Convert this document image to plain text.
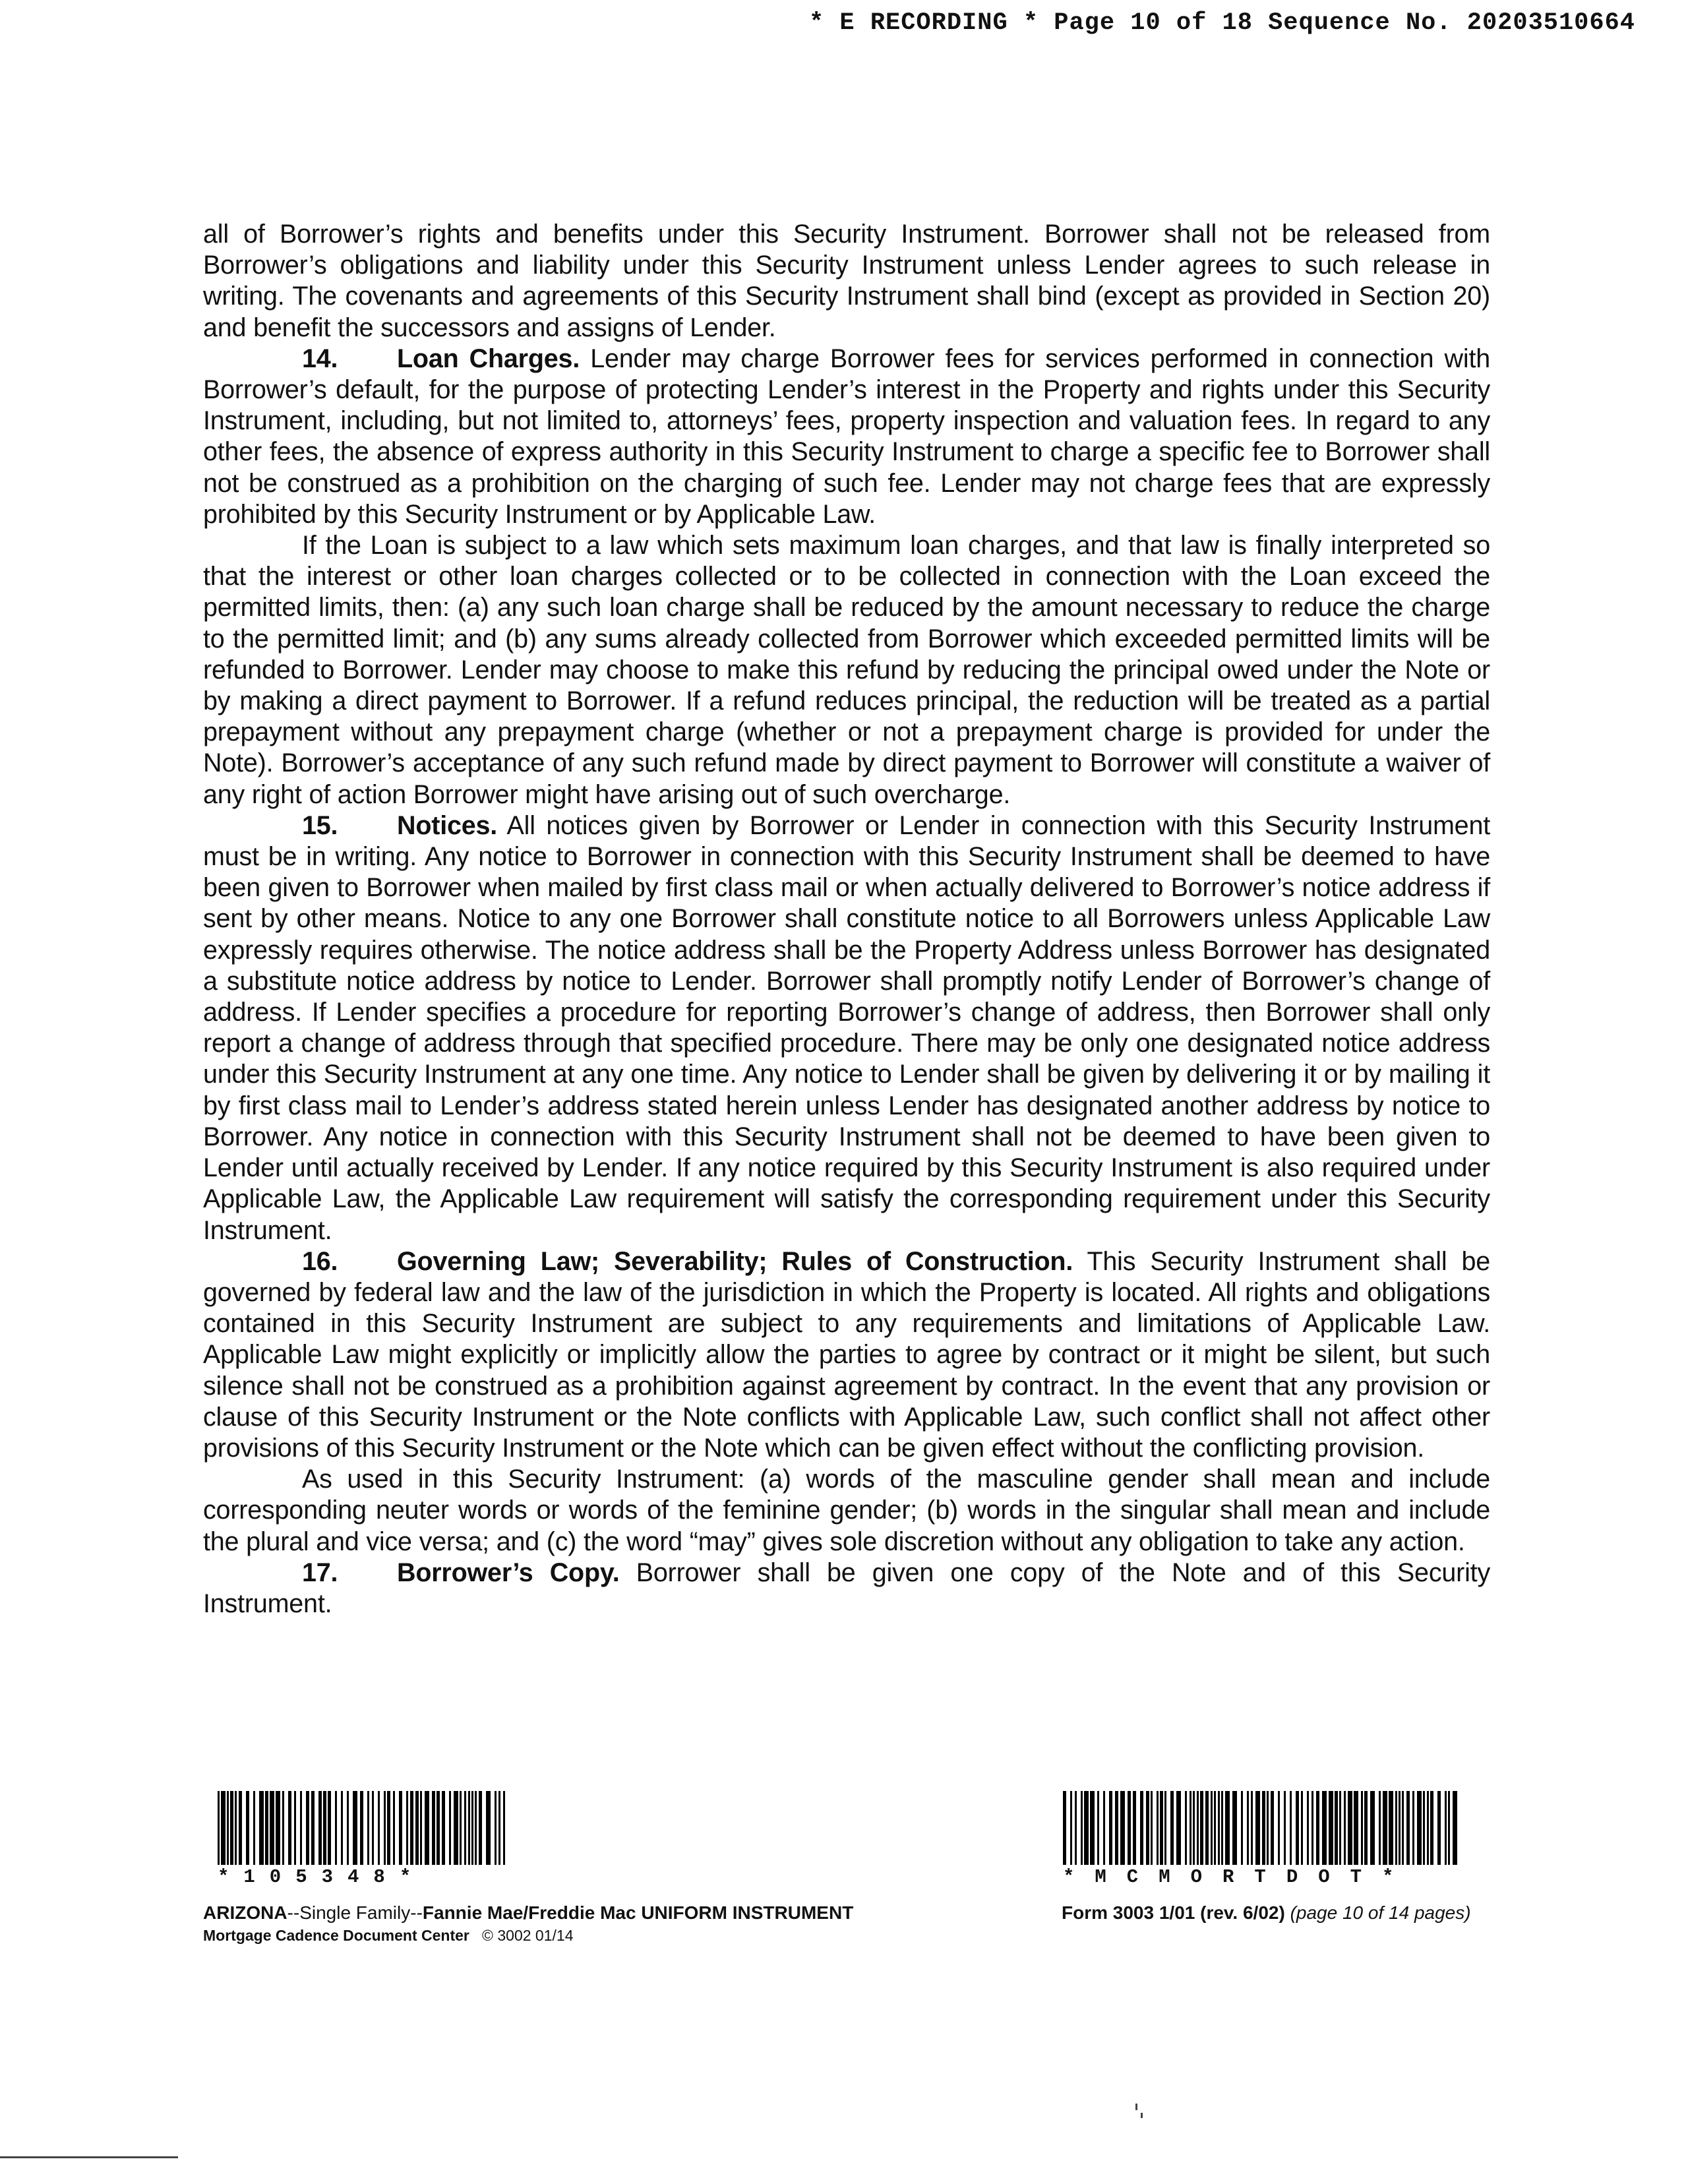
* E RECORDING * Page 10 of 18 Sequence No. 20203510664

all of Borrower’s rights and benefits under this Security Instrument. Borrower shall not be released from Borrower’s obligations and liability under this Security Instrument unless Lender agrees to such release in writing. The covenants and agreements of this Security Instrument shall bind (except as provided in Section 20) and benefit the successors and assigns of Lender.

14. Loan Charges. Lender may charge Borrower fees for services performed in connection with Borrower’s default, for the purpose of protecting Lender’s interest in the Property and rights under this Security Instrument, including, but not limited to, attorneys’ fees, property inspection and valuation fees. In regard to any other fees, the absence of express authority in this Security Instrument to charge a specific fee to Borrower shall not be construed as a prohibition on the charging of such fee. Lender may not charge fees that are expressly prohibited by this Security Instrument or by Applicable Law.

If the Loan is subject to a law which sets maximum loan charges, and that law is finally interpreted so that the interest or other loan charges collected or to be collected in connection with the Loan exceed the permitted limits, then: (a) any such loan charge shall be reduced by the amount necessary to reduce the charge to the permitted limit; and (b) any sums already collected from Borrower which exceeded permitted limits will be refunded to Borrower. Lender may choose to make this refund by reducing the principal owed under the Note or by making a direct payment to Borrower. If a refund reduces principal, the reduction will be treated as a partial prepayment without any prepayment charge (whether or not a prepayment charge is provided for under the Note). Borrower’s acceptance of any such refund made by direct payment to Borrower will constitute a waiver of any right of action Borrower might have arising out of such overcharge.

15. Notices. All notices given by Borrower or Lender in connection with this Security Instrument must be in writing. Any notice to Borrower in connection with this Security Instrument shall be deemed to have been given to Borrower when mailed by first class mail or when actually delivered to Borrower’s notice address if sent by other means. Notice to any one Borrower shall constitute notice to all Borrowers unless Applicable Law expressly requires otherwise. The notice address shall be the Property Address unless Borrower has designated a substitute notice address by notice to Lender. Borrower shall promptly notify Lender of Borrower’s change of address. If Lender specifies a procedure for reporting Borrower’s change of address, then Borrower shall only report a change of address through that specified procedure. There may be only one designated notice address under this Security Instrument at any one time. Any notice to Lender shall be given by delivering it or by mailing it by first class mail to Lender’s address stated herein unless Lender has designated another address by notice to Borrower. Any notice in connection with this Security Instrument shall not be deemed to have been given to Lender until actually received by Lender. If any notice required by this Security Instrument is also required under Applicable Law, the Applicable Law requirement will satisfy the corresponding requirement under this Security Instrument.

16. Governing Law; Severability; Rules of Construction. This Security Instrument shall be governed by federal law and the law of the jurisdiction in which the Property is located. All rights and obligations contained in this Security Instrument are subject to any requirements and limitations of Applicable Law. Applicable Law might explicitly or implicitly allow the parties to agree by contract or it might be silent, but such silence shall not be construed as a prohibition against agreement by contract. In the event that any provision or clause of this Security Instrument or the Note conflicts with Applicable Law, such conflict shall not affect other provisions of this Security Instrument or the Note which can be given effect without the conflicting provision.

As used in this Security Instrument: (a) words of the masculine gender shall mean and include corresponding neuter words or words of the feminine gender; (b) words in the singular shall mean and include the plural and vice versa; and (c) the word “may” gives sole discretion without any obligation to take any action.

17. Borrower’s Copy. Borrower shall be given one copy of the Note and of this Security Instrument.

*105348*	*MCMORTDOT*
ARIZONA--Single Family--Fannie Mae/Freddie Mac UNIFORM INSTRUMENT
Mortgage Cadence Document Center © 3002 01/14
Form 3003 1/01 (rev. 6/02) (page 10 of 14 pages)
